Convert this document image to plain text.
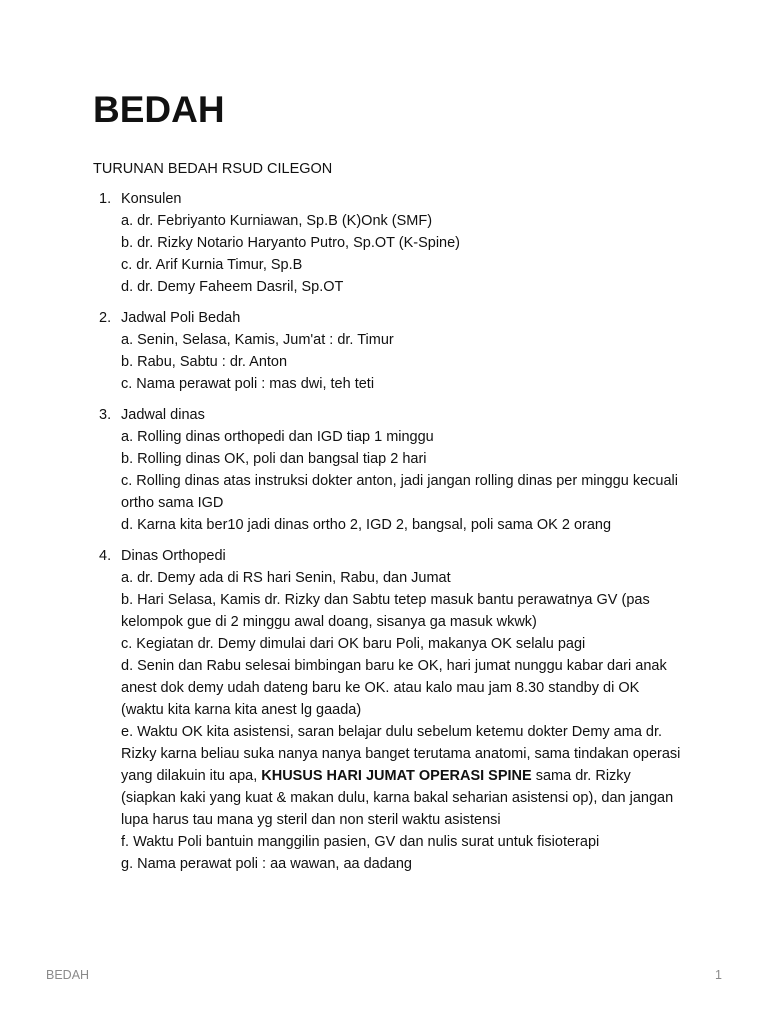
BEDAH

TURUNAN BEDAH RSUD CILEGON

1. Konsulen
a. dr. Febriyanto Kurniawan, Sp.B (K)Onk (SMF)
b. dr. Rizky Notario Haryanto Putro, Sp.OT (K-Spine)
c. dr. Arif Kurnia Timur, Sp.B
d. dr. Demy Faheem Dasril, Sp.OT
2. Jadwal Poli Bedah
a. Senin, Selasa, Kamis, Jum'at : dr. Timur
b. Rabu, Sabtu : dr. Anton
c. Nama perawat poli : mas dwi, teh teti
3. Jadwal dinas
a. Rolling dinas orthopedi dan IGD tiap 1 minggu
b. Rolling dinas OK, poli dan bangsal tiap 2 hari
c. Rolling dinas atas instruksi dokter anton, jadi jangan rolling dinas per minggu kecuali ortho sama IGD
d. Karna kita ber10 jadi dinas ortho 2, IGD 2, bangsal, poli sama OK 2 orang
4. Dinas Orthopedi
a. dr. Demy ada di RS hari Senin, Rabu, dan Jumat
b. Hari Selasa, Kamis dr. Rizky dan Sabtu tetep masuk bantu perawatnya GV (pas kelompok gue di 2 minggu awal doang, sisanya ga masuk wkwk)
c. Kegiatan dr. Demy dimulai dari OK baru Poli, makanya OK selalu pagi
d. Senin dan Rabu selesai bimbingan baru ke OK, hari jumat nunggu kabar dari anak anest dok demy udah dateng baru ke OK. atau kalo mau jam 8.30 standby di OK (waktu kita karna kita anest lg gaada)
e. Waktu OK kita asistensi, saran belajar dulu sebelum ketemu dokter Demy ama dr. Rizky karna beliau suka nanya nanya banget terutama anatomi, sama tindakan operasi yang dilakuin itu apa, KHUSUS HARI JUMAT OPERASI SPINE sama dr. Rizky (siapkan kaki yang kuat & makan dulu, karna bakal seharian asistensi op), dan jangan lupa harus tau mana yg steril dan non steril waktu asistensi
f. Waktu Poli bantuin manggilin pasien, GV dan nulis surat untuk fisioterapi
g. Nama perawat poli : aa wawan, aa dadang
BEDAH	1
